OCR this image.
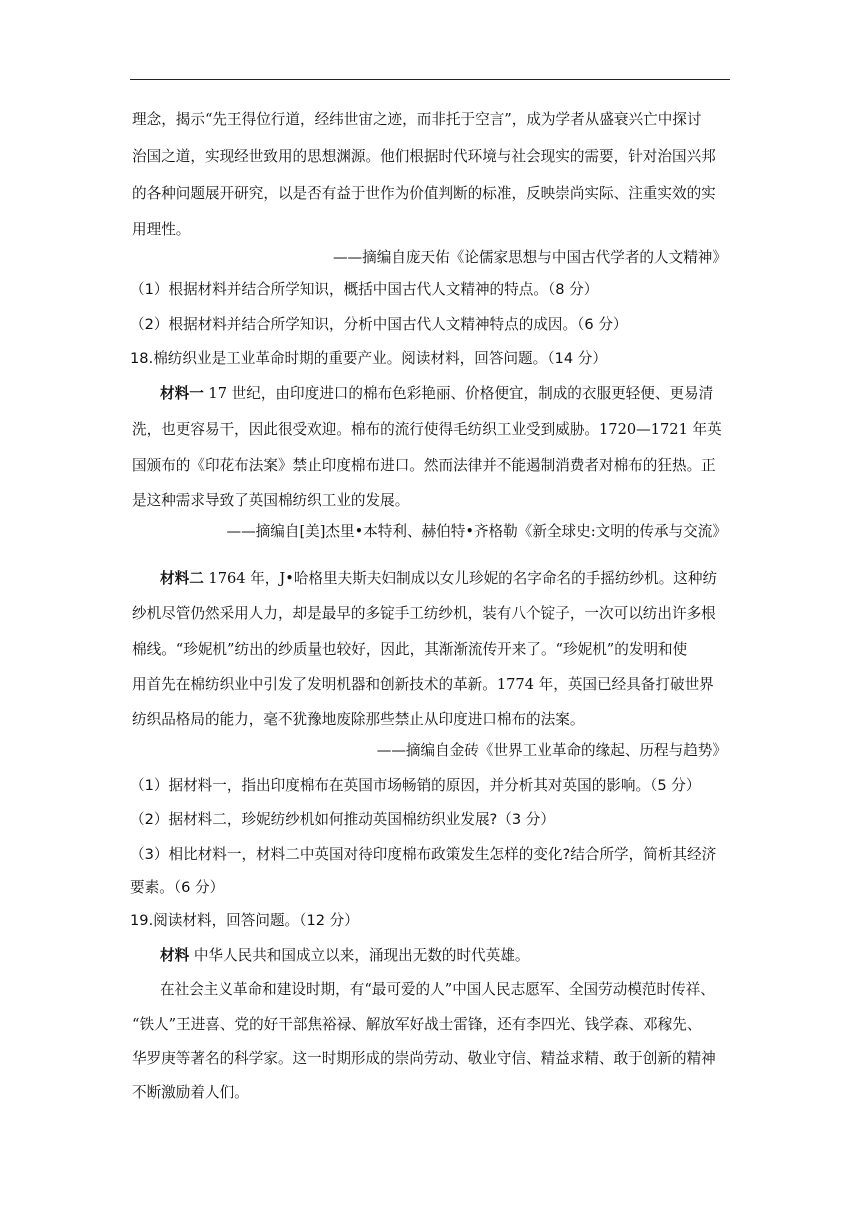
理念，揭示“先王得位行道，经纬世宙之迹，而非托于空言”，成为学者从盛衰兴亡中探讨
治国之道，实现经世致用的思想渊源。他们根据时代环境与社会现实的需要，针对治国兴邦
的各种问题展开研究，以是否有益于世作为价值判断的标准，反映崇尚实际、注重实效的实
用理性。
——摘编自庞天佑《论儒家思想与中国古代学者的人文精神》
（1）根据材料并结合所学知识，概括中国古代人文精神的特点。（8 分）
（2）根据材料并结合所学知识，分析中国古代人文精神特点的成因。（6 分）
18.棉纺织业是工业革命时期的重要产业。阅读材料，回答问题。（14 分）
材料一 17 世纪，由印度进口的棉布色彩艳丽、价格便宜，制成的衣服更轻便、更易清
洗，也更容易干，因此很受欢迎。棉布的流行使得毛纺织工业受到威胁。1720—1721 年英
国颁布的《印花布法案》禁止印度棉布进口。然而法律并不能遏制消费者对棉布的狂热。正
是这种需求导致了英国棉纺织工业的发展。
——摘编自[美]杰里•本特利、赫伯特•齐格勒《新全球史:文明的传承与交流》
材料二 1764 年，J•哈格里夫斯夫妇制成以女儿珍妮的名字命名的手摇纺纱机。这种纺
纱机尽管仍然采用人力，却是最早的多锭手工纺纱机，装有八个锭子，一次可以纺出许多根
棉线。“珍妮机”纺出的纱质量也较好，因此，其渐渐流传开来了。“珍妮机”的发明和使
用首先在棉纺织业中引发了发明机器和创新技术的革新。1774 年，英国已经具备打破世界
纺织品格局的能力，毫不犹豫地废除那些禁止从印度进口棉布的法案。
——摘编自金砖《世界工业革命的缘起、历程与趋势》
（1）据材料一，指出印度棉布在英国市场畅销的原因，并分析其对英国的影响。（5 分）
（2）据材料二，珍妮纺纱机如何推动英国棉纺织业发展?（3 分）
（3）相比材料一，材料二中英国对待印度棉布政策发生怎样的变化?结合所学，简析其经济
要素。（6 分）
19.阅读材料，回答问题。（12 分）
材料 中华人民共和国成立以来，涌现出无数的时代英雄。
在社会主义革命和建设时期，有“最可爱的人”中国人民志愿军、全国劳动模范时传祥、
“铁人”王进喜、党的好干部焦裕禄、解放军好战士雷锋，还有李四光、钱学森、邓稼先、
华罗庚等著名的科学家。这一时期形成的崇尚劳动、敬业守信、精益求精、敢于创新的精神
不断激励着人们。
